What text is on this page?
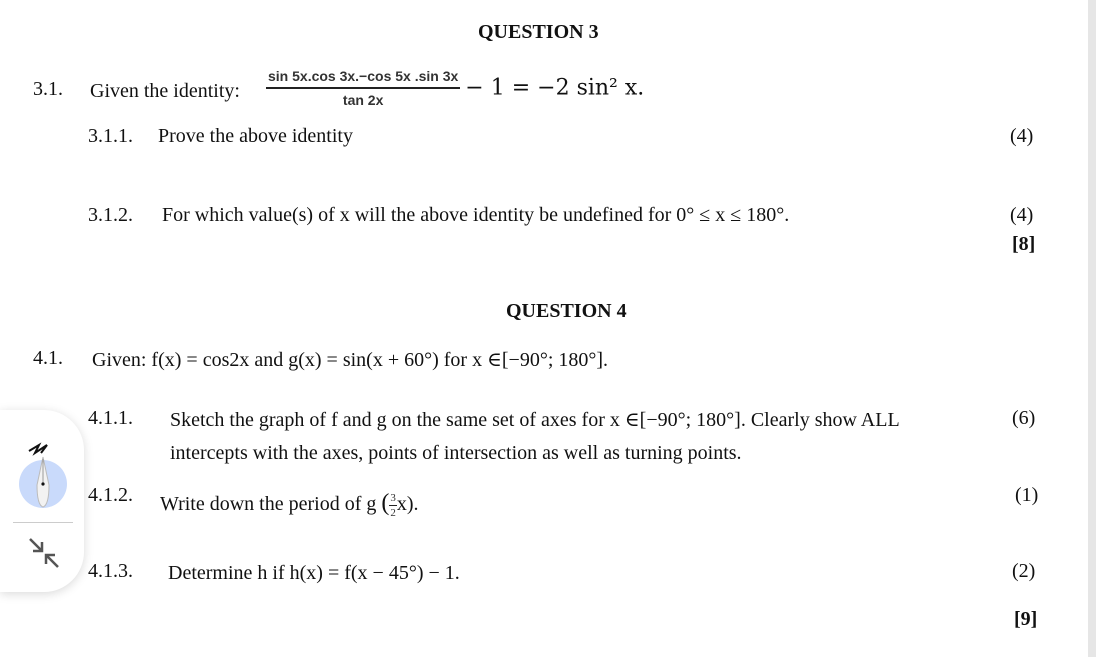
QUESTION 3
3.1. Given the identity: $\frac{\sin 5x.\cos 3x.-\cos 5x .\sin 3x}{\tan 2x} - 1 = -2$ sin² x.
3.1.1. Prove the above identity	(4)
3.1.2. For which value(s) of x will the above identity be undefined for 0° ≤ x ≤ 180°.	(4)
[8]
QUESTION 4
4.1. Given: f(x) = cos2x and g(x) = sin(x + 60°) for x ∈[−90°; 180°].
4.1.1. Sketch the graph of f and g on the same set of axes for x ∈[−90°; 180°]. Clearly show ALL	(6)
intercepts with the axes, points of intersection as well as turning points.
4.1.2. Write down the period of g ( $\frac{3}{2} x$).	(1)
4.1.3. Determine h if h(x) = f(x − 45°) − 1.	(2)
[9]
